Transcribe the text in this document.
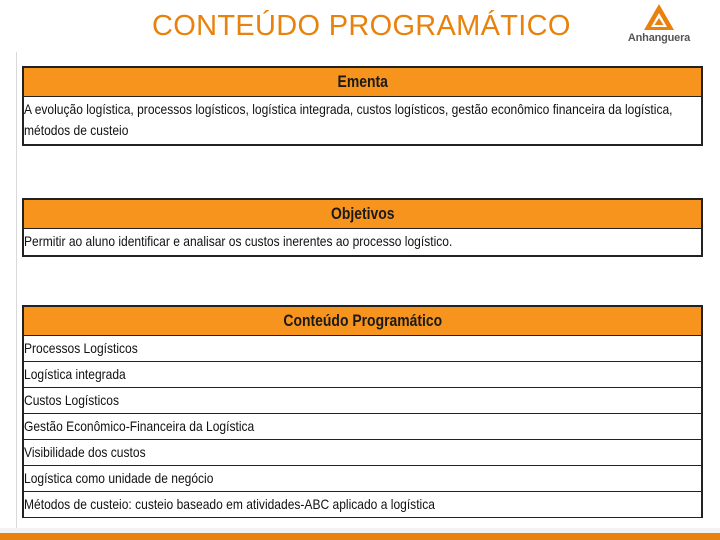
CONTEÚDO PROGRAMÁTICO	Anhanguera
Ementa
A evolução logística, processos logísticos, logística integrada, custos logísticos, gestão econômico financeira da logística,
métodos de custeio
Objetivos
Permitir ao aluno identificar e analisar os custos inerentes ao processo logístico.
Conteúdo Programático
Processos Logísticos
Logística integrada
Custos Logísticos
Gestão Econômico-Financeira da Logística
Visibilidade dos custos
Logística como unidade de negócio
Métodos de custeio: custeio baseado em atividades-ABC aplicado a logística
